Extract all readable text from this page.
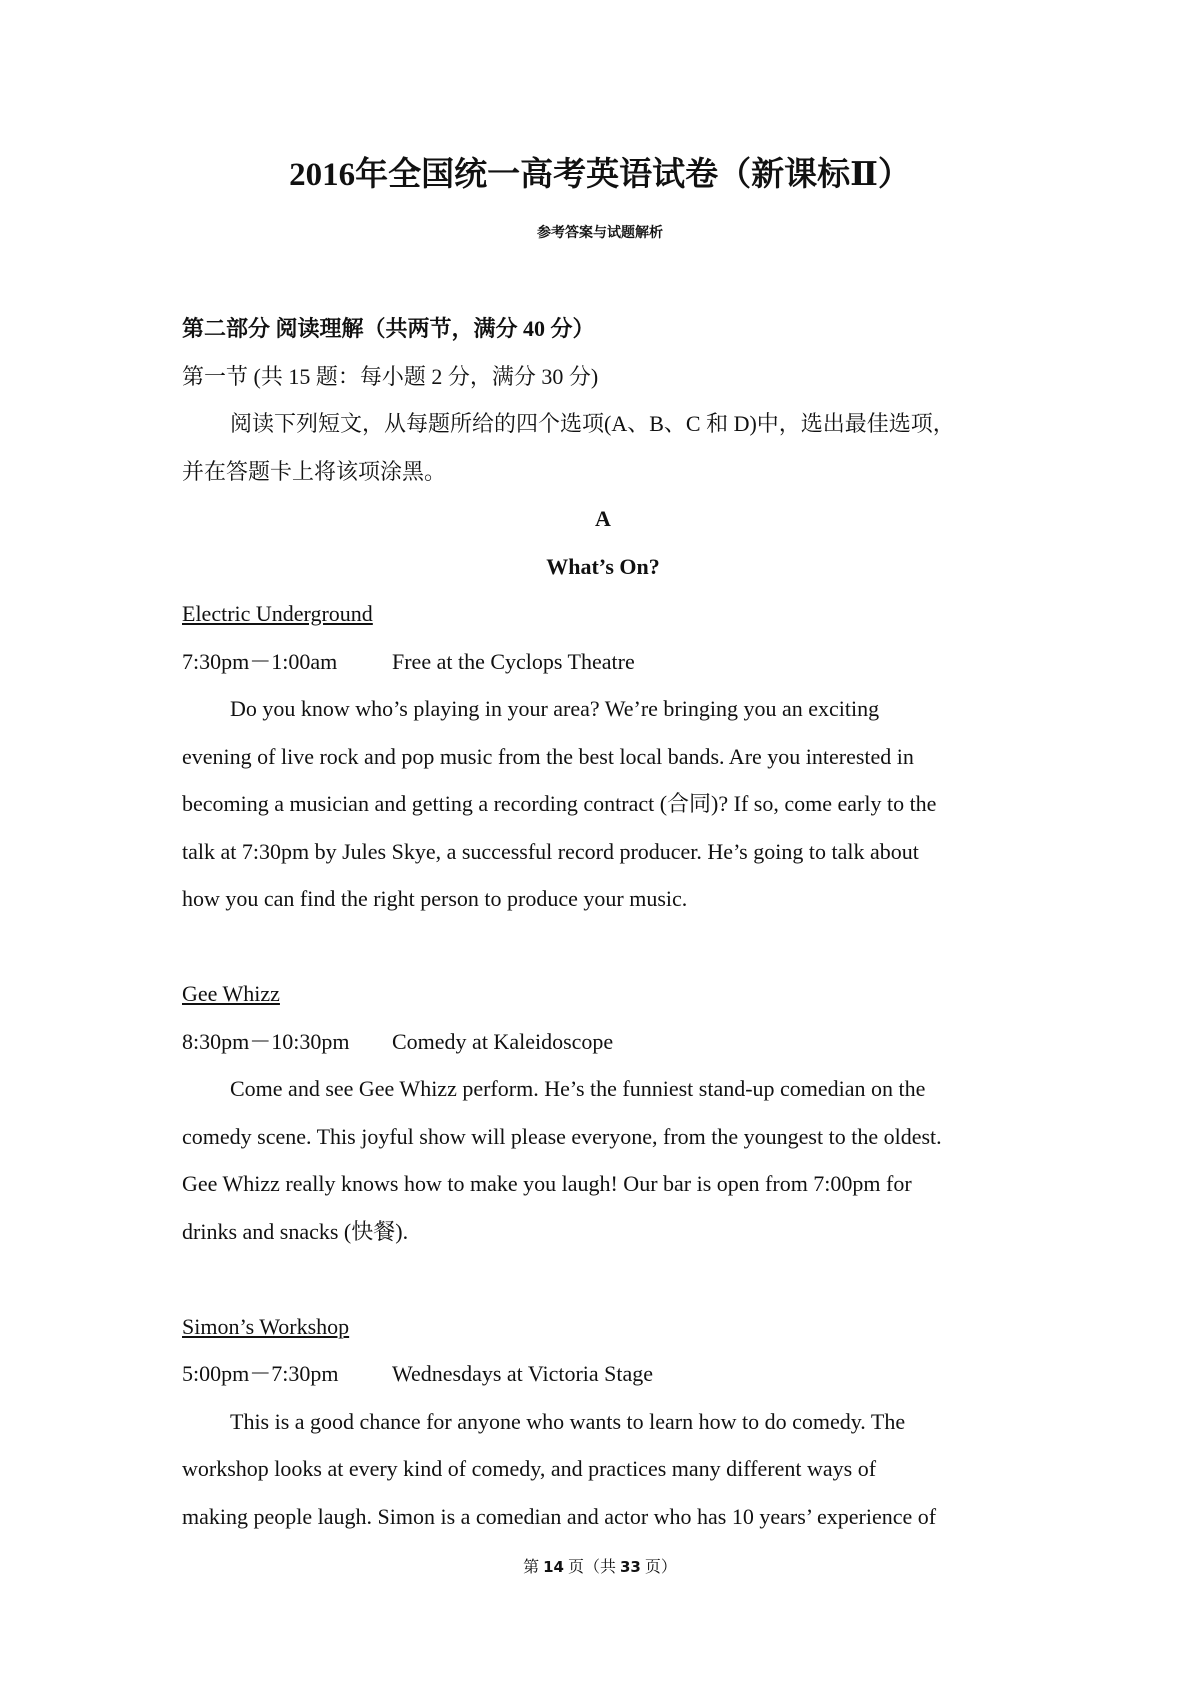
2016年全国统一高考英语试卷（新课标Ⅱ）
参考答案与试题解析
第二部分 阅读理解（共两节，满分 40 分）
第一节 (共 15 题：每小题 2 分，满分 30 分)
阅读下列短文，从每题所给的四个选项(A、B、C 和 D)中，选出最佳选项，
并在答题卡上将该项涂黑。
A
What’s On?
Electric Underground
7:30pm－1:00am Free at the Cyclops Theatre
Do you know who’s playing in your area? We’re bringing you an exciting
evening of live rock and pop music from the best local bands. Are you interested in
becoming a musician and getting a recording contract (合同)? If so, come early to the
talk at 7:30pm by Jules Skye, a successful record producer. He’s going to talk about
how you can find the right person to produce your music.
Gee Whizz
8:30pm－10:30pm Comedy at Kaleidoscope
Come and see Gee Whizz perform. He’s the funniest stand-up comedian on the
comedy scene. This joyful show will please everyone, from the youngest to the oldest.
Gee Whizz really knows how to make you laugh! Our bar is open from 7:00pm for
drinks and snacks (快餐).
Simon’s Workshop
5:00pm－7:30pm Wednesdays at Victoria Stage
This is a good chance for anyone who wants to learn how to do comedy. The
workshop looks at every kind of comedy, and practices many different ways of
making people laugh. Simon is a comedian and actor who has 10 years’ experience of
第 14 页（共 33 页）
